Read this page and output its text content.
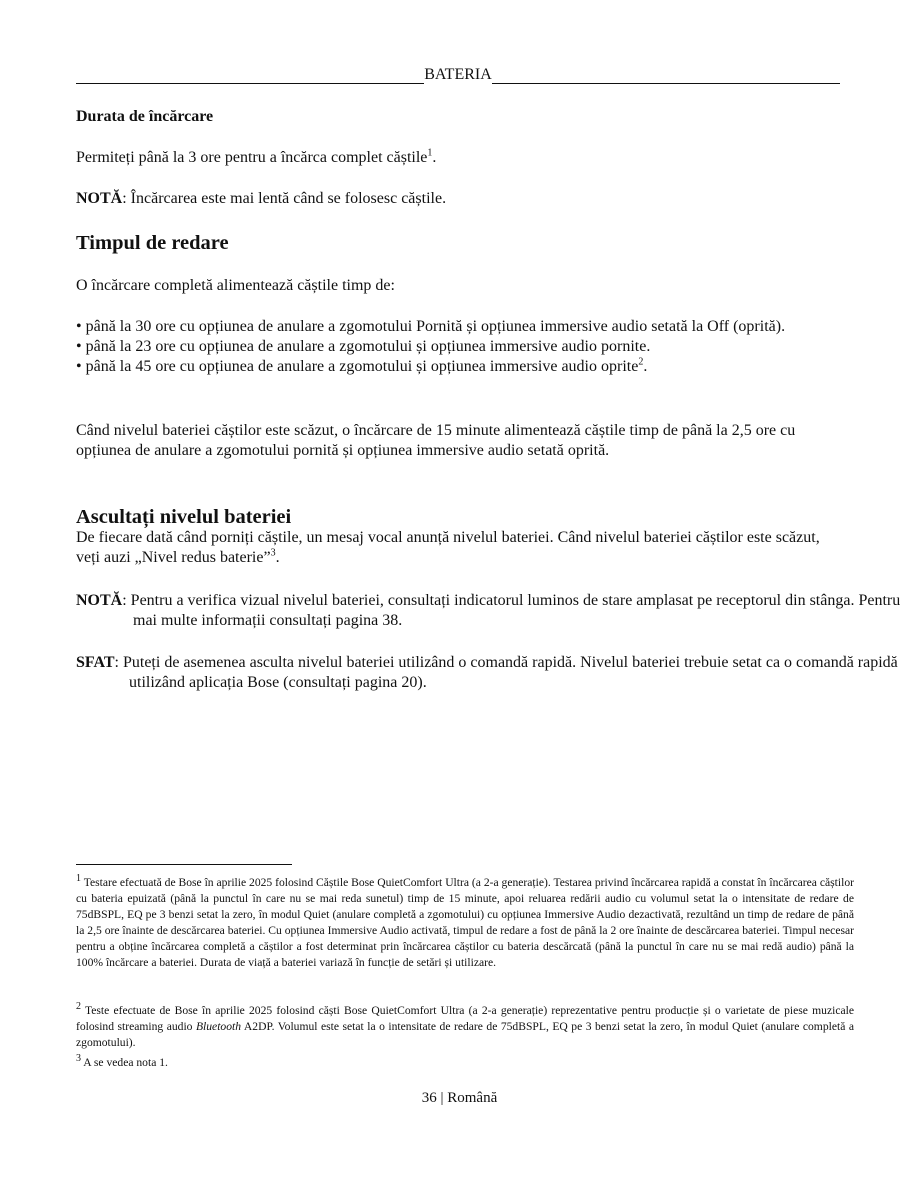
BATERIA
Durata de încărcare
Permiteți până la 3 ore pentru a încărca complet căștile$^1$.
NOTĂ: Încărcarea este mai lentă când se folosesc căștile.
Timpul de redare
O încărcare completă alimentează căștile timp de:
• până la 30 ore cu opțiunea de anulare a zgomotului Pornită și opțiunea immersive audio setată la Off (oprită).
• până la 23 ore cu opțiunea de anulare a zgomotului și opțiunea immersive audio pornite.
• până la 45 ore cu opțiunea de anulare a zgomotului și opțiunea immersive audio oprite$^2$.
Când nivelul bateriei căștilor este scăzut, o încărcare de 15 minute alimentează căștile timp de până la 2,5 ore cu opțiunea de anulare a zgomotului pornită și opțiunea immersive audio setată oprită.
Ascultați nivelul bateriei
De fiecare dată când porniți căștile, un mesaj vocal anunță nivelul bateriei. Când nivelul bateriei căștilor este scăzut, veți auzi „Nivel redus baterie”$^3$.
NOTĂ: Pentru a verifica vizual nivelul bateriei, consultați indicatorul luminos de stare amplasat pe receptorul din stânga. Pentru mai multe informații consultați pagina 38.
SFAT: Puteți de asemenea asculta nivelul bateriei utilizând o comandă rapidă. Nivelul bateriei trebuie setat ca o comandă rapidă utilizând aplicația Bose (consultați pagina 20).
$^1$ Testare efectuată de Bose în aprilie 2025 folosind Căștile Bose QuietComfort Ultra (a 2-a generație). Testarea privind încărcarea rapidă a constat în încărcarea căștilor cu bateria epuizată (până la punctul în care nu se mai reda sunetul) timp de 15 minute, apoi reluarea redării audio cu volumul setat la o intensitate de redare de 75dBSPL, EQ pe 3 benzi setat la zero, în modul Quiet (anulare completă a zgomotului) cu opțiunea Immersive Audio dezactivată, rezultând un timp de redare de până la 2,5 ore înainte de descărcarea bateriei. Cu opțiunea Immersive Audio activată, timpul de redare a fost de până la 2 ore înainte de descărcarea bateriei. Timpul necesar pentru a obține încărcarea completă a căștilor a fost determinat prin încărcarea căștilor cu bateria descărcată (până la punctul în care nu se mai redă audio) până la 100% încărcare a bateriei. Durata de viață a bateriei variază în funcție de setări și utilizare.
$^2$ Teste efectuate de Bose în aprilie 2025 folosind căști Bose QuietComfort Ultra (a 2-a generație) reprezentative pentru producție și o varietate de piese muzicale folosind streaming audio Bluetooth A2DP. Volumul este setat la o intensitate de redare de 75dBSPL, EQ pe 3 benzi setat la zero, în modul Quiet (anulare completă a zgomotului).
$^3$ A se vedea nota 1.
36 | Română
